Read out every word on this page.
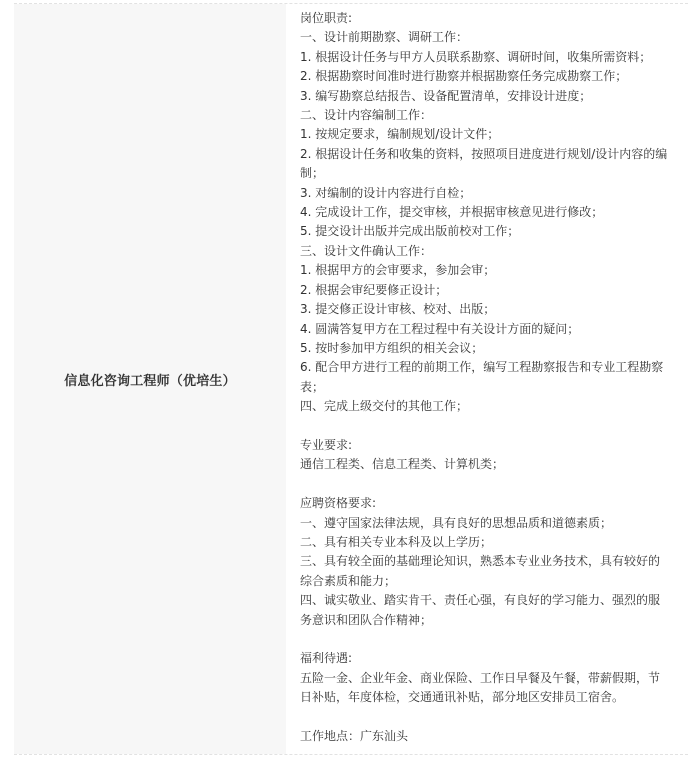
信息化咨询工程师（优培生）
岗位职责:
一、设计前期勘察、调研工作：
1. 根据设计任务与甲方人员联系勘察、调研时间，收集所需资料；
2. 根据勘察时间准时进行勘察并根据勘察任务完成勘察工作；
3. 编写勘察总结报告、设备配置清单，安排设计进度；
二、设计内容编制工作：
1. 按规定要求，编制规划/设计文件；
2. 根据设计任务和收集的资料，按照项目进度进行规划/设计内容的编
制；
3. 对编制的设计内容进行自检；
4. 完成设计工作，提交审核，并根据审核意见进行修改；
5. 提交设计出版并完成出版前校对工作；
三、设计文件确认工作：
1. 根据甲方的会审要求，参加会审；
2. 根据会审纪要修正设计；
3. 提交修正设计审核、校对、出版；
4. 圆满答复甲方在工程过程中有关设计方面的疑问；
5. 按时参加甲方组织的相关会议；
6. 配合甲方进行工程的前期工作，编写工程勘察报告和专业工程勘察
表；
四、完成上级交付的其他工作；
专业要求:
通信工程类、信息工程类、计算机类；
应聘资格要求:
一、遵守国家法律法规，具有良好的思想品质和道德素质；
二、具有相关专业本科及以上学历；
三、具有较全面的基础理论知识，熟悉本专业业务技术，具有较好的
综合素质和能力；
四、诚实敬业、踏实肯干、责任心强，有良好的学习能力、强烈的服
务意识和团队合作精神；
福利待遇:
五险一金、企业年金、商业保险、工作日早餐及午餐，带薪假期，节
日补贴，年度体检，交通通讯补贴，部分地区安排员工宿舍。
工作地点：广东汕头
